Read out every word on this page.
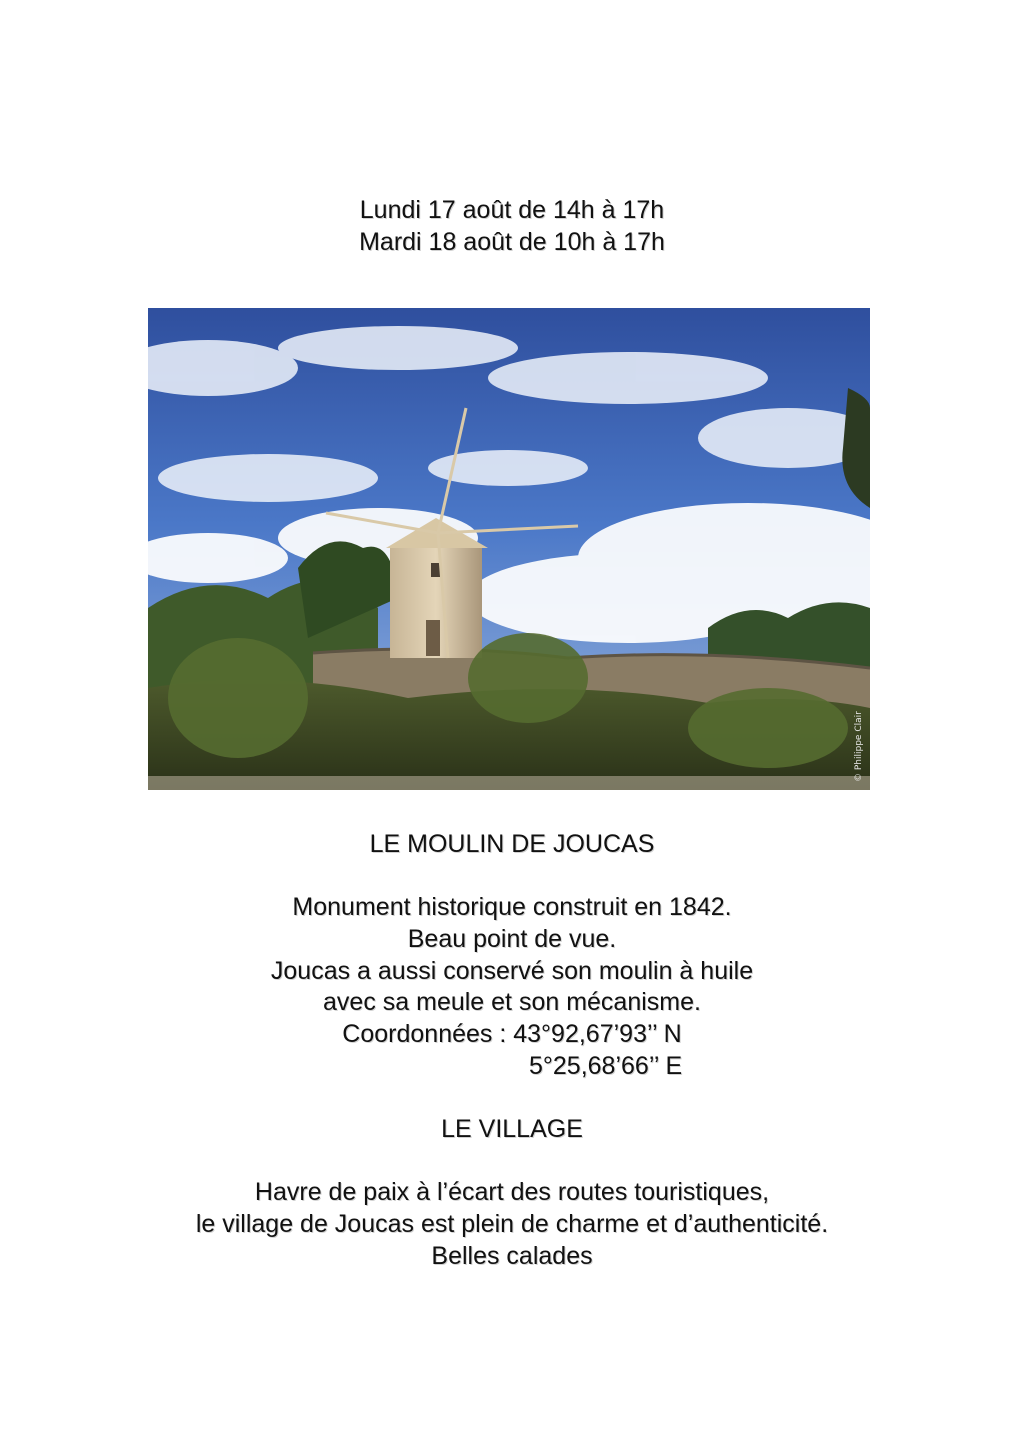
Lundi 17 août de 14h à 17h
Mardi 18 août de 10h à 17h
© Philippe Clair
LE MOULIN DE JOUCAS
Monument historique construit en 1842.
Beau point de vue.
Joucas a aussi conservé son moulin à huile
avec sa meule et son mécanisme.
Coordonnées : 43°92,67’93’’ N
5°25,68’66’’ E
LE VILLAGE
Havre de paix à l’écart des routes touristiques,
le village de Joucas est plein de charme et d’authenticité.
Belles calades
